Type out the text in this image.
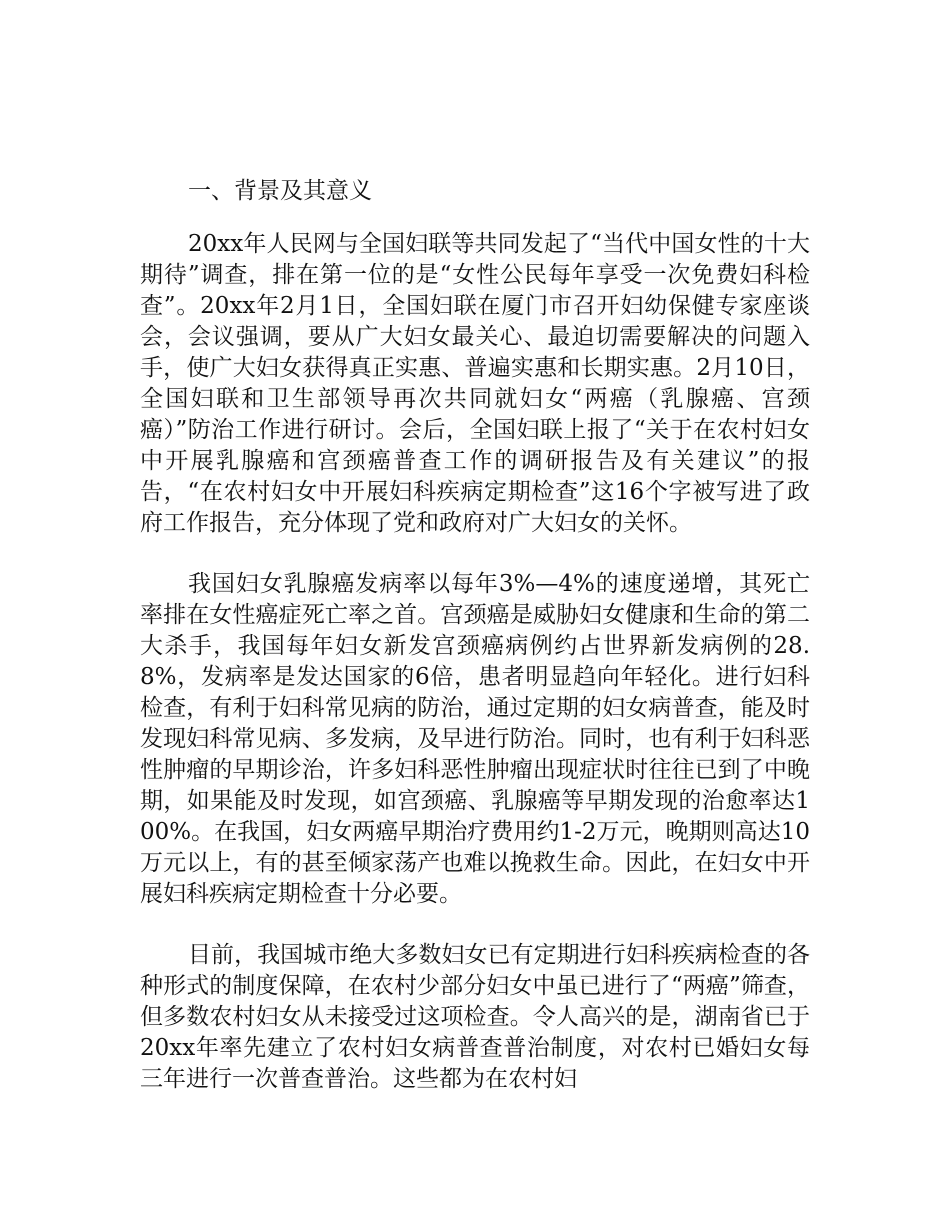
一、背景及其意义

20xx年人民网与全国妇联等共同发起了“当代中国女性的十大期待”调查，排在第一位的是“女性公民每年享受一次免费妇科检查”。20xx年2月1日，全国妇联在厦门市召开妇幼保健专家座谈会，会议强调，要从广大妇女最关心、最迫切需要解决的问题入手，使广大妇女获得真正实惠、普遍实惠和长期实惠。2月10日，全国妇联和卫生部领导再次共同就妇女“两癌（乳腺癌、宫颈癌）”防治工作进行研讨。会后，全国妇联上报了“关于在农村妇女中开展乳腺癌和宫颈癌普查工作的调研报告及有关建议”的报告，“在农村妇女中开展妇科疾病定期检查”这16个字被写进了政府工作报告，充分体现了党和政府对广大妇女的关怀。

我国妇女乳腺癌发病率以每年3%—4%的速度递增，其死亡率排在女性癌症死亡率之首。宫颈癌是威胁妇女健康和生命的第二大杀手，我国每年妇女新发宫颈癌病例约占世界新发病例的28.8%，发病率是发达国家的6倍，患者明显趋向年轻化。进行妇科检查，有利于妇科常见病的防治，通过定期的妇女病普查，能及时发现妇科常见病、多发病，及早进行防治。同时，也有利于妇科恶性肿瘤的早期诊治，许多妇科恶性肿瘤出现症状时往往已到了中晚期，如果能及时发现，如宫颈癌、乳腺癌等早期发现的治愈率达100%。在我国，妇女两癌早期治疗费用约1-2万元，晚期则高达10万元以上，有的甚至倾家荡产也难以挽救生命。因此，在妇女中开展妇科疾病定期检查十分必要。

目前，我国城市绝大多数妇女已有定期进行妇科疾病检查的各种形式的制度保障，在农村少部分妇女中虽已进行了“两癌”筛查，但多数农村妇女从未接受过这项检查。令人高兴的是，湖南省已于20xx年率先建立了农村妇女病普查普治制度，对农村已婚妇女每三年进行一次普查普治。这些都为在农村妇
